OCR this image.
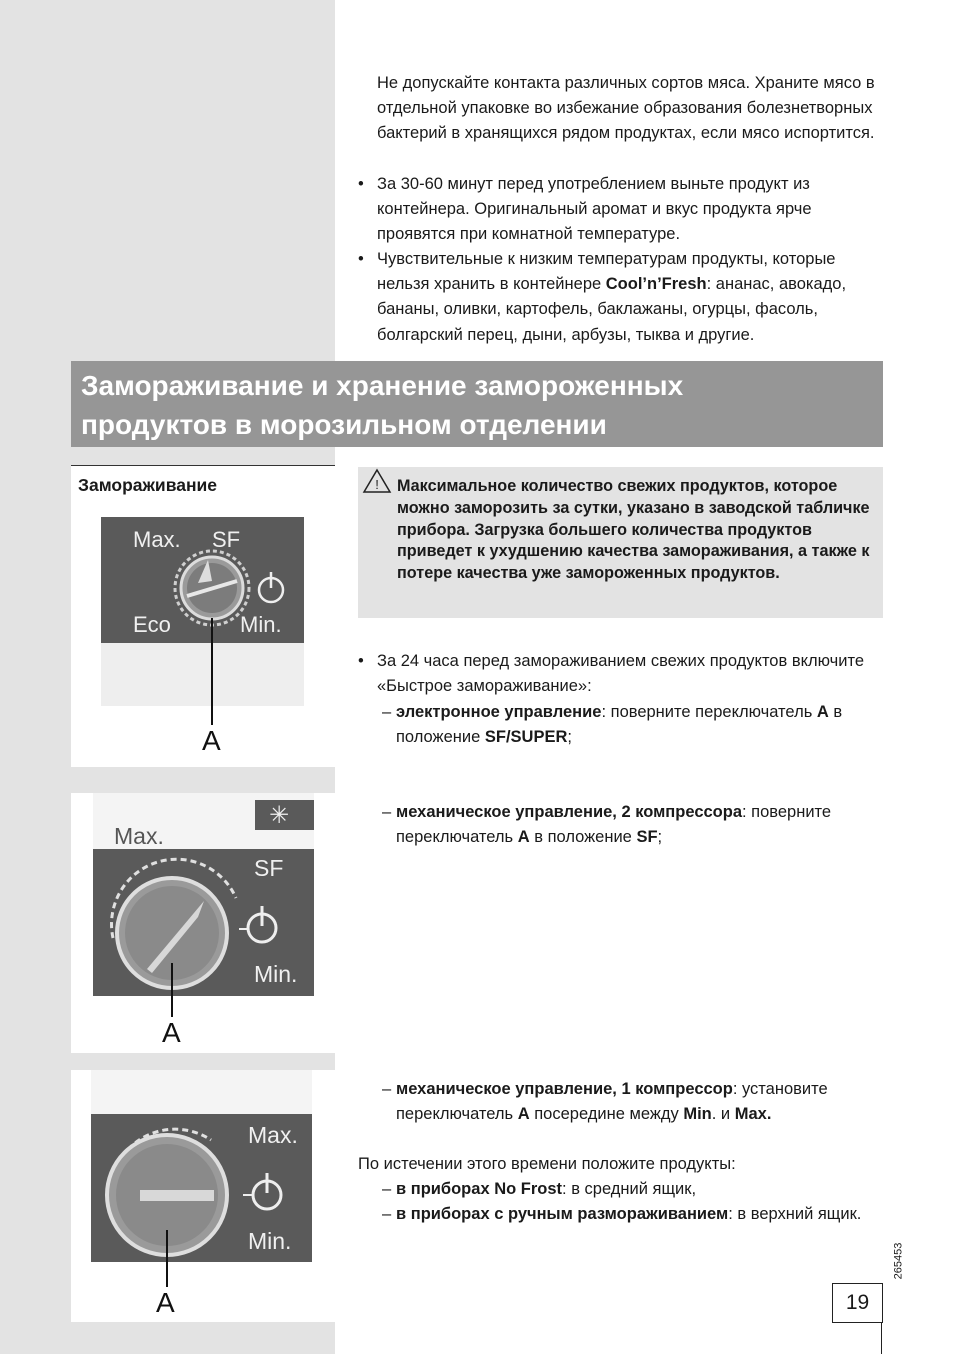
Не допускайте контакта различных сортов мяса. Храните мясо в отдельной упаковке во избежание образования болезнетворных бактерий в хранящихся рядом продуктах, если мясо испортится.
• За 30-60 минут перед употреблением выньте продукт из контейнера. Оригинальный аромат и вкус продукта ярче проявятся при комнатной температуре.
• Чувствительные к низким температурам продукты, которые нельзя хранить в контейнере Cool’n’Fresh: ананас, авокадо, бананы, оливки, картофель, баклажаны, огурцы, фасоль, болгарский перец, дыни, арбузы, тыква и другие.
Замораживание и хранение замороженных
продуктов в морозильном отделении
Замораживание	! Максимальное количество свежих продуктов, которое можно заморозить за сутки, указано в заводской табличке прибора. Загрузка большего количества продуктов приведет к ухудшению качества замораживания, а также к потере качества уже замороженных продуктов.
• За 24 часа перед замораживанием свежих продуктов включите «Быстрое замораживание»:
– электронное управление: поверните переключатель A в положение SF/SUPER;
– механическое управление, 2 компрессора: поверните переключатель A в положение SF;
– механическое управление, 1 компрессор: установите переключатель A посередине между Min. и Max.
По истечении этого времени положите продукты:
– в приборах No Frost: в средний ящик,
– в приборах с ручным размораживанием: в верхний ящик.
Max. SF
Eco	Min.
A
✳
Max.
SF
Min.
A
Max.
Min.
A
265453
19
